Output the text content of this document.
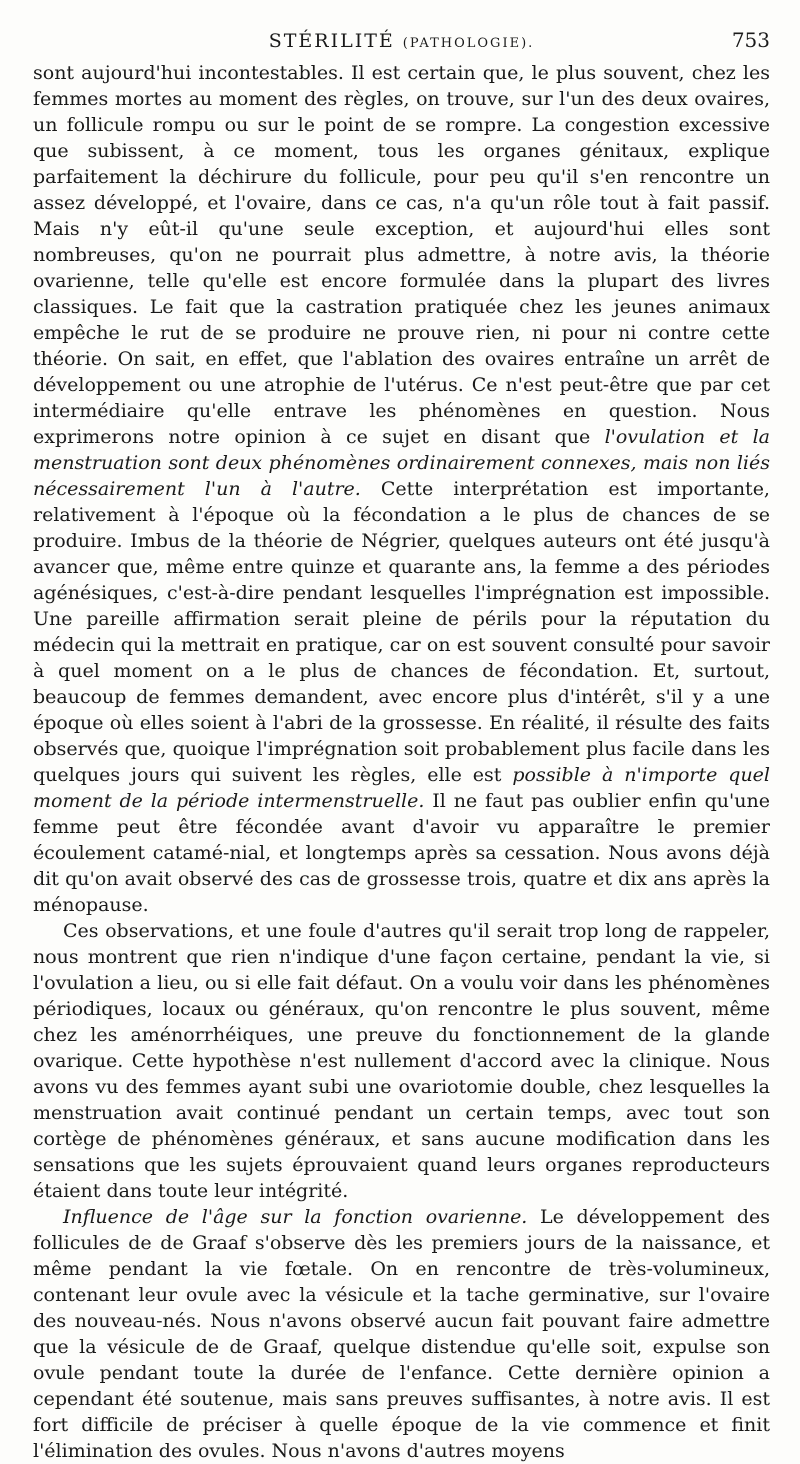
STÉRILITÉ (PATHOLOGIE).	753

sont aujourd'hui incontestables. Il est certain que, le plus souvent, chez les femmes mortes au moment des règles, on trouve, sur l'un des deux ovaires, un follicule rompu ou sur le point de se rompre. La congestion excessive que subissent, à ce moment, tous les organes génitaux, explique parfaitement la déchirure du follicule, pour peu qu'il s'en rencontre un assez développé, et l'ovaire, dans ce cas, n'a qu'un rôle tout à fait passif. Mais n'y eût-il qu'une seule exception, et aujourd'hui elles sont nombreuses, qu'on ne pourrait plus admettre, à notre avis, la théorie ovarienne, telle qu'elle est encore formulée dans la plupart des livres classiques. Le fait que la castration pratiquée chez les jeunes animaux empêche le rut de se produire ne prouve rien, ni pour ni contre cette théorie. On sait, en effet, que l'ablation des ovaires entraîne un arrêt de développement ou une atrophie de l'utérus. Ce n'est peut-être que par cet intermédiaire qu'elle entrave les phénomènes en question. Nous exprimerons notre opinion à ce sujet en disant que l'ovulation et la menstruation sont deux phénomènes ordinairement connexes, mais non liés nécessairement l'un à l'autre. Cette interprétation est importante, relativement à l'époque où la fécondation a le plus de chances de se produire. Imbus de la théorie de Négrier, quelques auteurs ont été jusqu'à avancer que, même entre quinze et quarante ans, la femme a des périodes agénésiques, c'est-à-dire pendant lesquelles l'imprégnation est impossible. Une pareille affirmation serait pleine de périls pour la réputation du médecin qui la mettrait en pratique, car on est souvent consulté pour savoir à quel moment on a le plus de chances de fécondation. Et, surtout, beaucoup de femmes demandent, avec encore plus d'intérêt, s'il y a une époque où elles soient à l'abri de la grossesse. En réalité, il résulte des faits observés que, quoique l'imprégnation soit probablement plus facile dans les quelques jours qui suivent les règles, elle est possible à n'importe quel moment de la période intermenstruelle. Il ne faut pas oublier enfin qu'une femme peut être fécondée avant d'avoir vu apparaître le premier écoulement catamé-nial, et longtemps après sa cessation. Nous avons déjà dit qu'on avait observé des cas de grossesse trois, quatre et dix ans après la ménopause.

Ces observations, et une foule d'autres qu'il serait trop long de rappeler, nous montrent que rien n'indique d'une façon certaine, pendant la vie, si l'ovulation a lieu, ou si elle fait défaut. On a voulu voir dans les phénomènes périodiques, locaux ou généraux, qu'on rencontre le plus souvent, même chez les aménorrhéiques, une preuve du fonctionnement de la glande ovarique. Cette hypothèse n'est nullement d'accord avec la clinique. Nous avons vu des femmes ayant subi une ovariotomie double, chez lesquelles la menstruation avait continué pendant un certain temps, avec tout son cortège de phénomènes généraux, et sans aucune modification dans les sensations que les sujets éprouvaient quand leurs organes reproducteurs étaient dans toute leur intégrité.

Influence de l'âge sur la fonction ovarienne. Le développement des follicules de de Graaf s'observe dès les premiers jours de la naissance, et même pendant la vie fœtale. On en rencontre de très-volumineux, contenant leur ovule avec la vésicule et la tache germinative, sur l'ovaire des nouveau-nés. Nous n'avons observé aucun fait pouvant faire admettre que la vésicule de de Graaf, quelque distendue qu'elle soit, expulse son ovule pendant toute la durée de l'enfance. Cette dernière opinion a cependant été soutenue, mais sans preuves suffisantes, à notre avis. Il est fort difficile de préciser à quelle époque de la vie commence et finit l'élimination des ovules. Nous n'avons d'autres moyens
